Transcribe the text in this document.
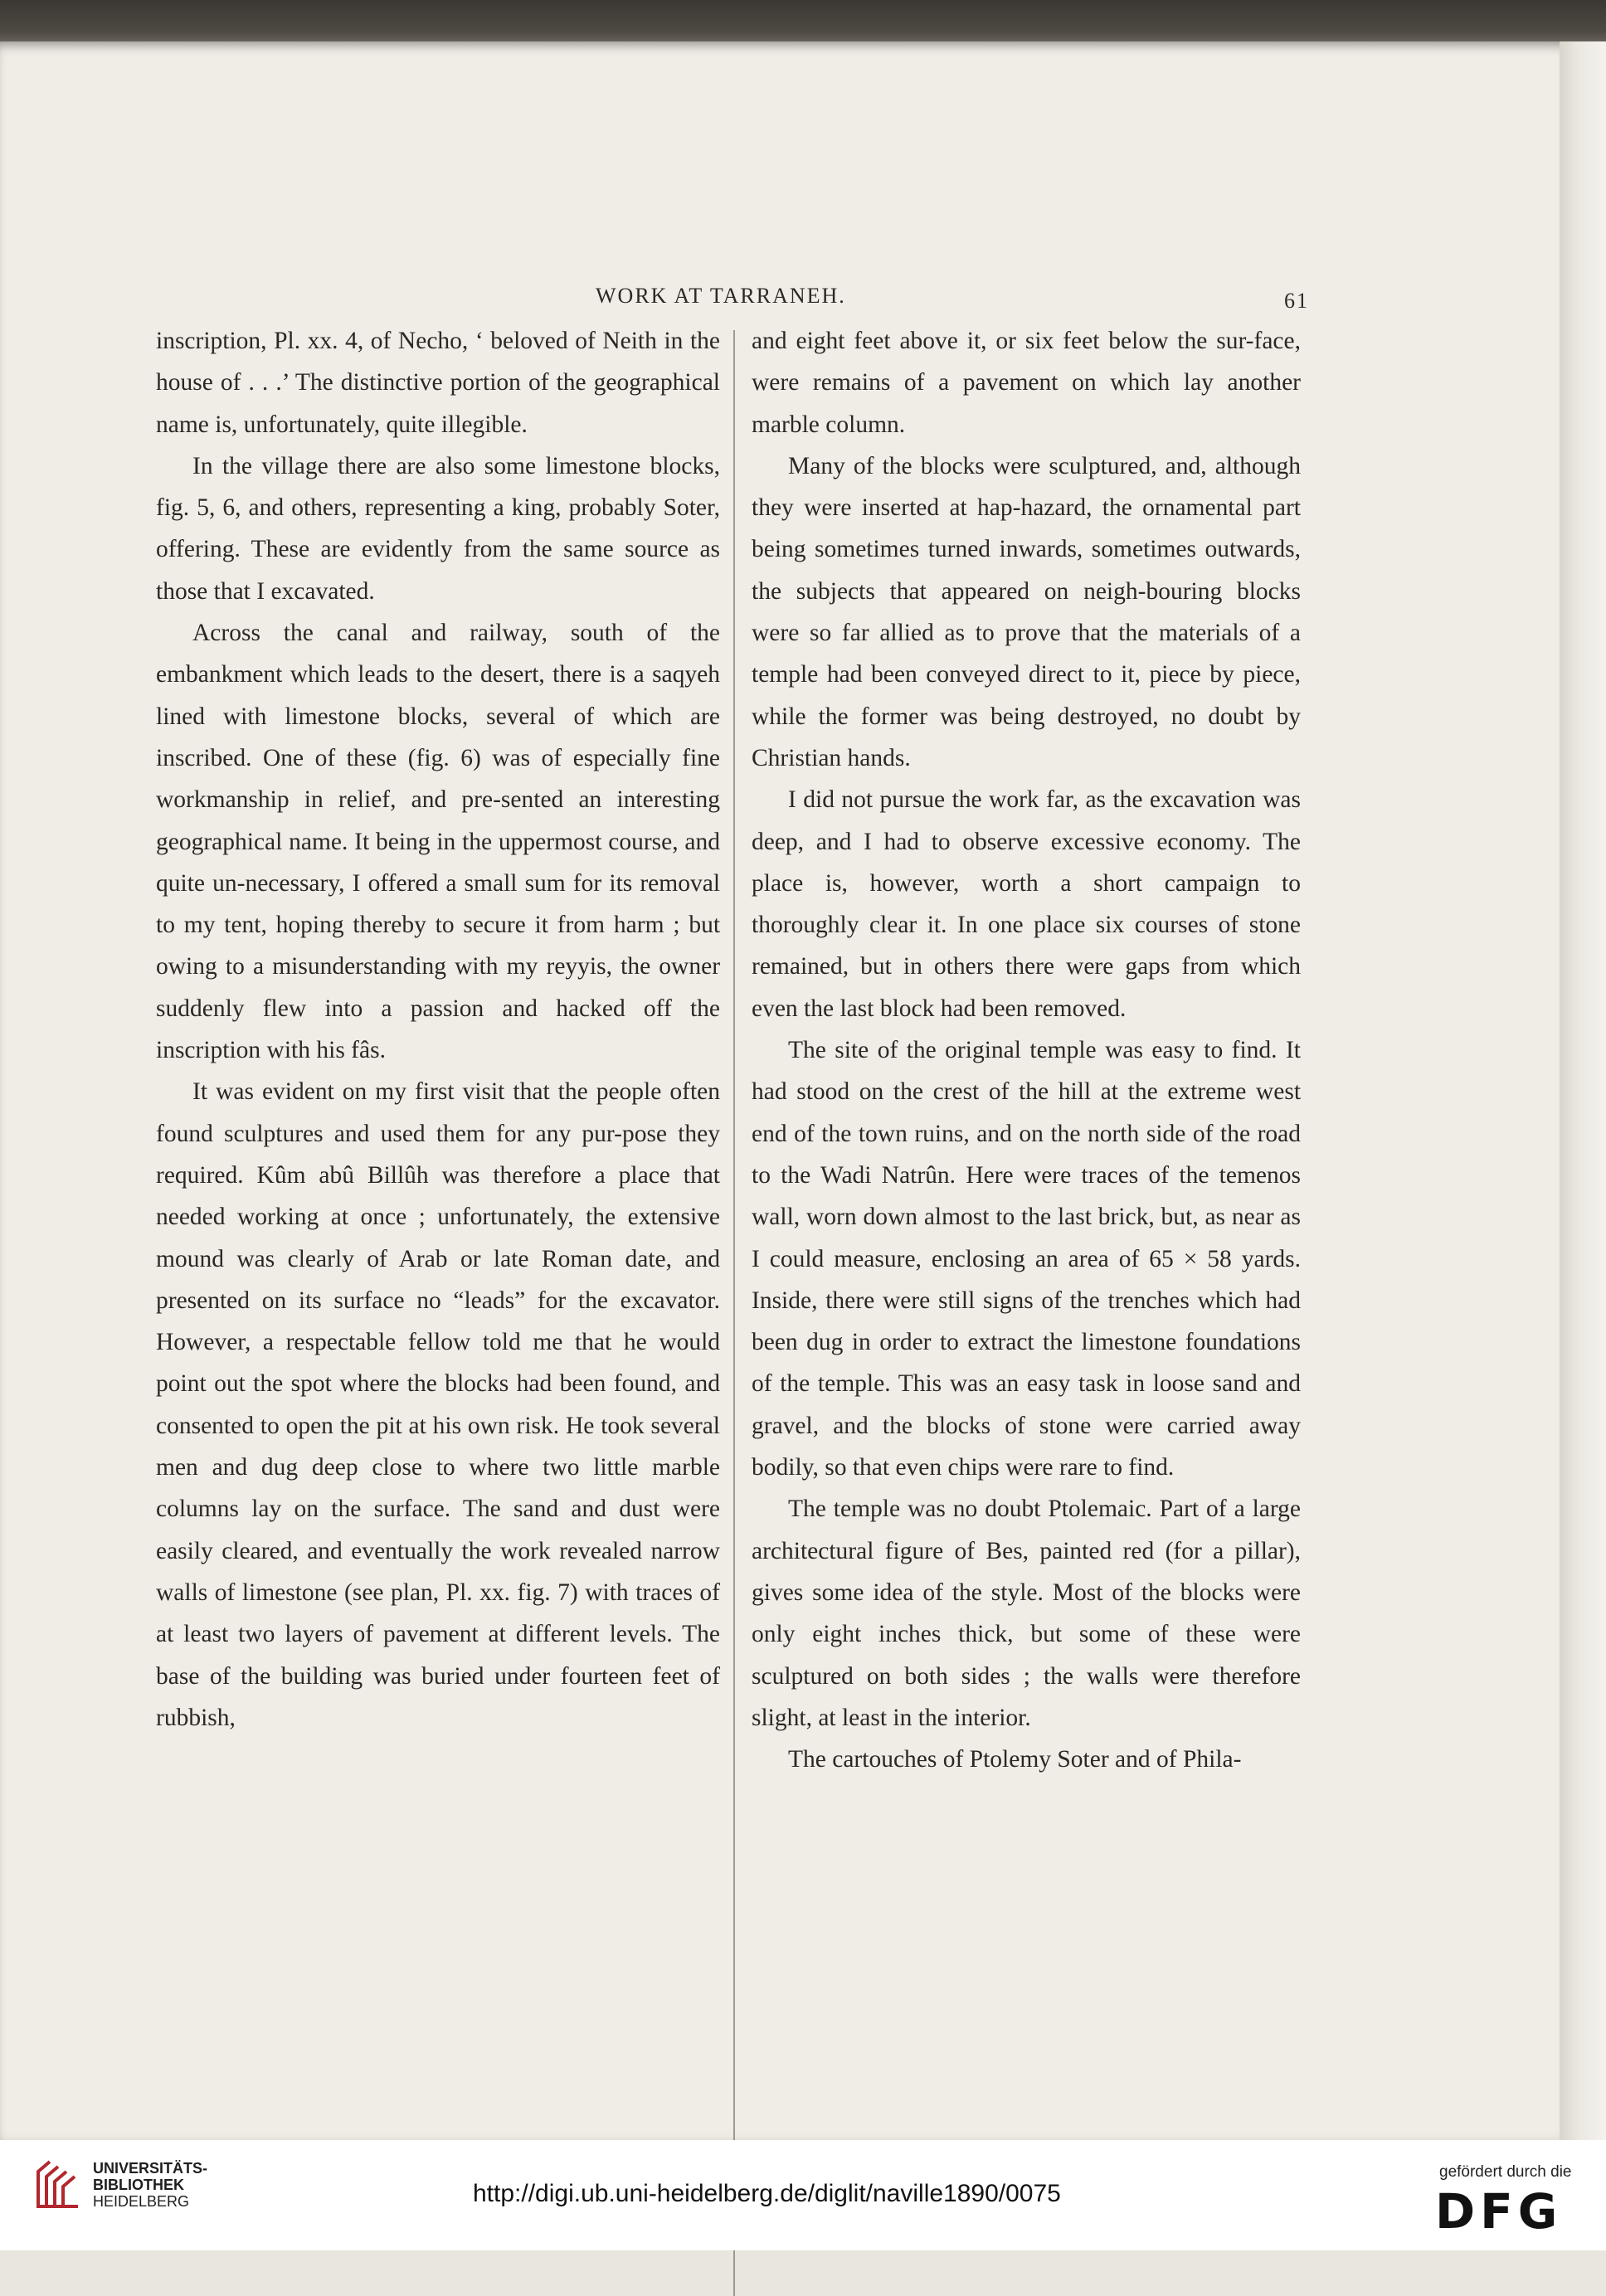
WORK AT TARRANEH.	61

inscription, Pl. xx. 4, of Necho, ‘ beloved of Neith in the house of . . .’ The distinctive portion of the geographical name is, unfortunately, quite illegible.

In the village there are also some limestone blocks, fig. 5, 6, and others, representing a king, probably Soter, offering. These are evidently from the same source as those that I excavated.

Across the canal and railway, south of the embankment which leads to the desert, there is a saqyeh lined with limestone blocks, several of which are inscribed. One of these (fig. 6) was of especially fine workmanship in relief, and pre-sented an interesting geographical name. It being in the uppermost course, and quite un-necessary, I offered a small sum for its removal to my tent, hoping thereby to secure it from harm ; but owing to a misunderstanding with my reyyis, the owner suddenly flew into a passion and hacked off the inscription with his fâs.

It was evident on my first visit that the people often found sculptures and used them for any pur-pose they required. Kûm abû Billûh was therefore a place that needed working at once ; unfortunately, the extensive mound was clearly of Arab or late Roman date, and presented on its surface no “leads” for the excavator. However, a respectable fellow told me that he would point out the spot where the blocks had been found, and consented to open the pit at his own risk. He took several men and dug deep close to where two little marble columns lay on the surface. The sand and dust were easily cleared, and eventually the work revealed narrow walls of limestone (see plan, Pl. xx. fig. 7) with traces of at least two layers of pavement at different levels. The base of the building was buried under fourteen feet of rubbish,

and eight feet above it, or six feet below the sur-face, were remains of a pavement on which lay another marble column.

Many of the blocks were sculptured, and, although they were inserted at hap-hazard, the ornamental part being sometimes turned inwards, sometimes outwards, the subjects that appeared on neigh-bouring blocks were so far allied as to prove that the materials of a temple had been conveyed direct to it, piece by piece, while the former was being destroyed, no doubt by Christian hands.

I did not pursue the work far, as the excavation was deep, and I had to observe excessive economy. The place is, however, worth a short campaign to thoroughly clear it. In one place six courses of stone remained, but in others there were gaps from which even the last block had been removed.

The site of the original temple was easy to find. It had stood on the crest of the hill at the extreme west end of the town ruins, and on the north side of the road to the Wadi Natrûn. Here were traces of the temenos wall, worn down almost to the last brick, but, as near as I could measure, enclosing an area of 65 × 58 yards. Inside, there were still signs of the trenches which had been dug in order to extract the limestone foundations of the temple. This was an easy task in loose sand and gravel, and the blocks of stone were carried away bodily, so that even chips were rare to find.

The temple was no doubt Ptolemaic. Part of a large architectural figure of Bes, painted red (for a pillar), gives some idea of the style. Most of the blocks were only eight inches thick, but some of these were sculptured on both sides ; the walls were therefore slight, at least in the interior.

The cartouches of Ptolemy Soter and of Phila-

UNIVERSITÄTS-
BIBLIOTHEK
HEIDELBERG	http://digi.ub.uni-heidelberg.de/diglit/naville1890/0075
gefördert durch die
DFG
